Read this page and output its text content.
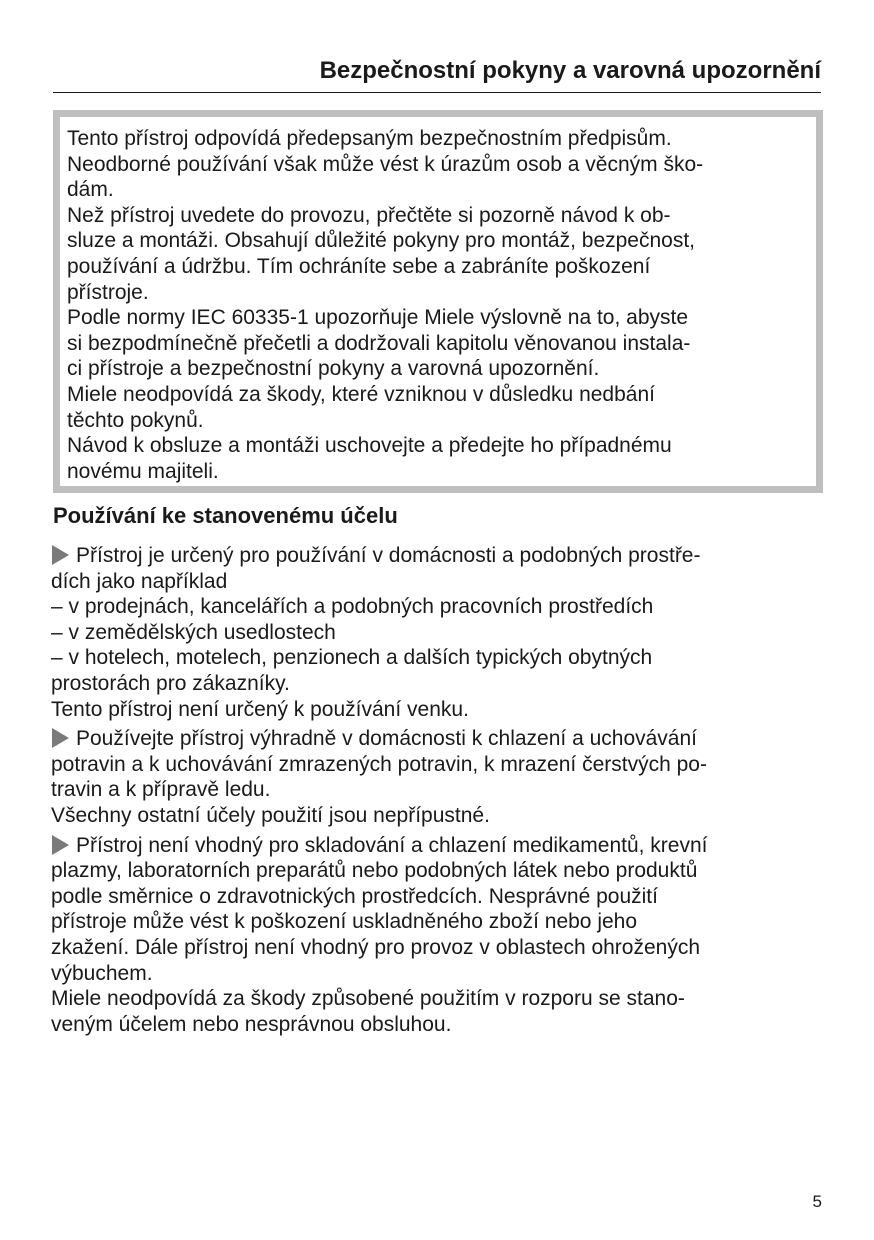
Bezpečnostní pokyny a varovná upozornění
Tento přístroj odpovídá předepsaným bezpečnostním předpisům.
Neodborné používání však může vést k úrazům osob a věcným ško-
dám.
Než přístroj uvedete do provozu, přečtěte si pozorně návod k ob-
sluze a montáži. Obsahují důležité pokyny pro montáž, bezpečnost,
používání a údržbu. Tím ochráníte sebe a zabráníte poškození
přístroje.
Podle normy IEC 60335-1 upozorňuje Miele výslovně na to, abyste
si bezpodmínečně přečetli a dodržovali kapitolu věnovanou instala-
ci přístroje a bezpečnostní pokyny a varovná upozornění.
Miele neodpovídá za škody, které vzniknou v důsledku nedbání
těchto pokynů.
Návod k obsluze a montáži uschovejte a předejte ho případnému
novému majiteli.
Používání ke stanovenému účelu
Přístroj je určený pro používání v domácnosti a podobných prostře-
dích jako například
– v prodejnách, kancelářích a podobných pracovních prostředích
– v zemědělských usedlostech
– v hotelech, motelech, penzionech a dalších typických obytných
prostorách pro zákazníky.
Tento přístroj není určený k používání venku.
Používejte přístroj výhradně v domácnosti k chlazení a uchovávání
potravin a k uchovávání zmrazených potravin, k mrazení čerstvých po-
travin a k přípravě ledu.
Všechny ostatní účely použití jsou nepřípustné.
Přístroj není vhodný pro skladování a chlazení medikamentů, krevní
plazmy, laboratorních preparátů nebo podobných látek nebo produktů
podle směrnice o zdravotnických prostředcích. Nesprávné použití
přístroje může vést k poškození uskladněného zboží nebo jeho
zkažení. Dále přístroj není vhodný pro provoz v oblastech ohrožených
výbuchem.
Miele neodpovídá za škody způsobené použitím v rozporu se stano-
veným účelem nebo nesprávnou obsluhou.
5
